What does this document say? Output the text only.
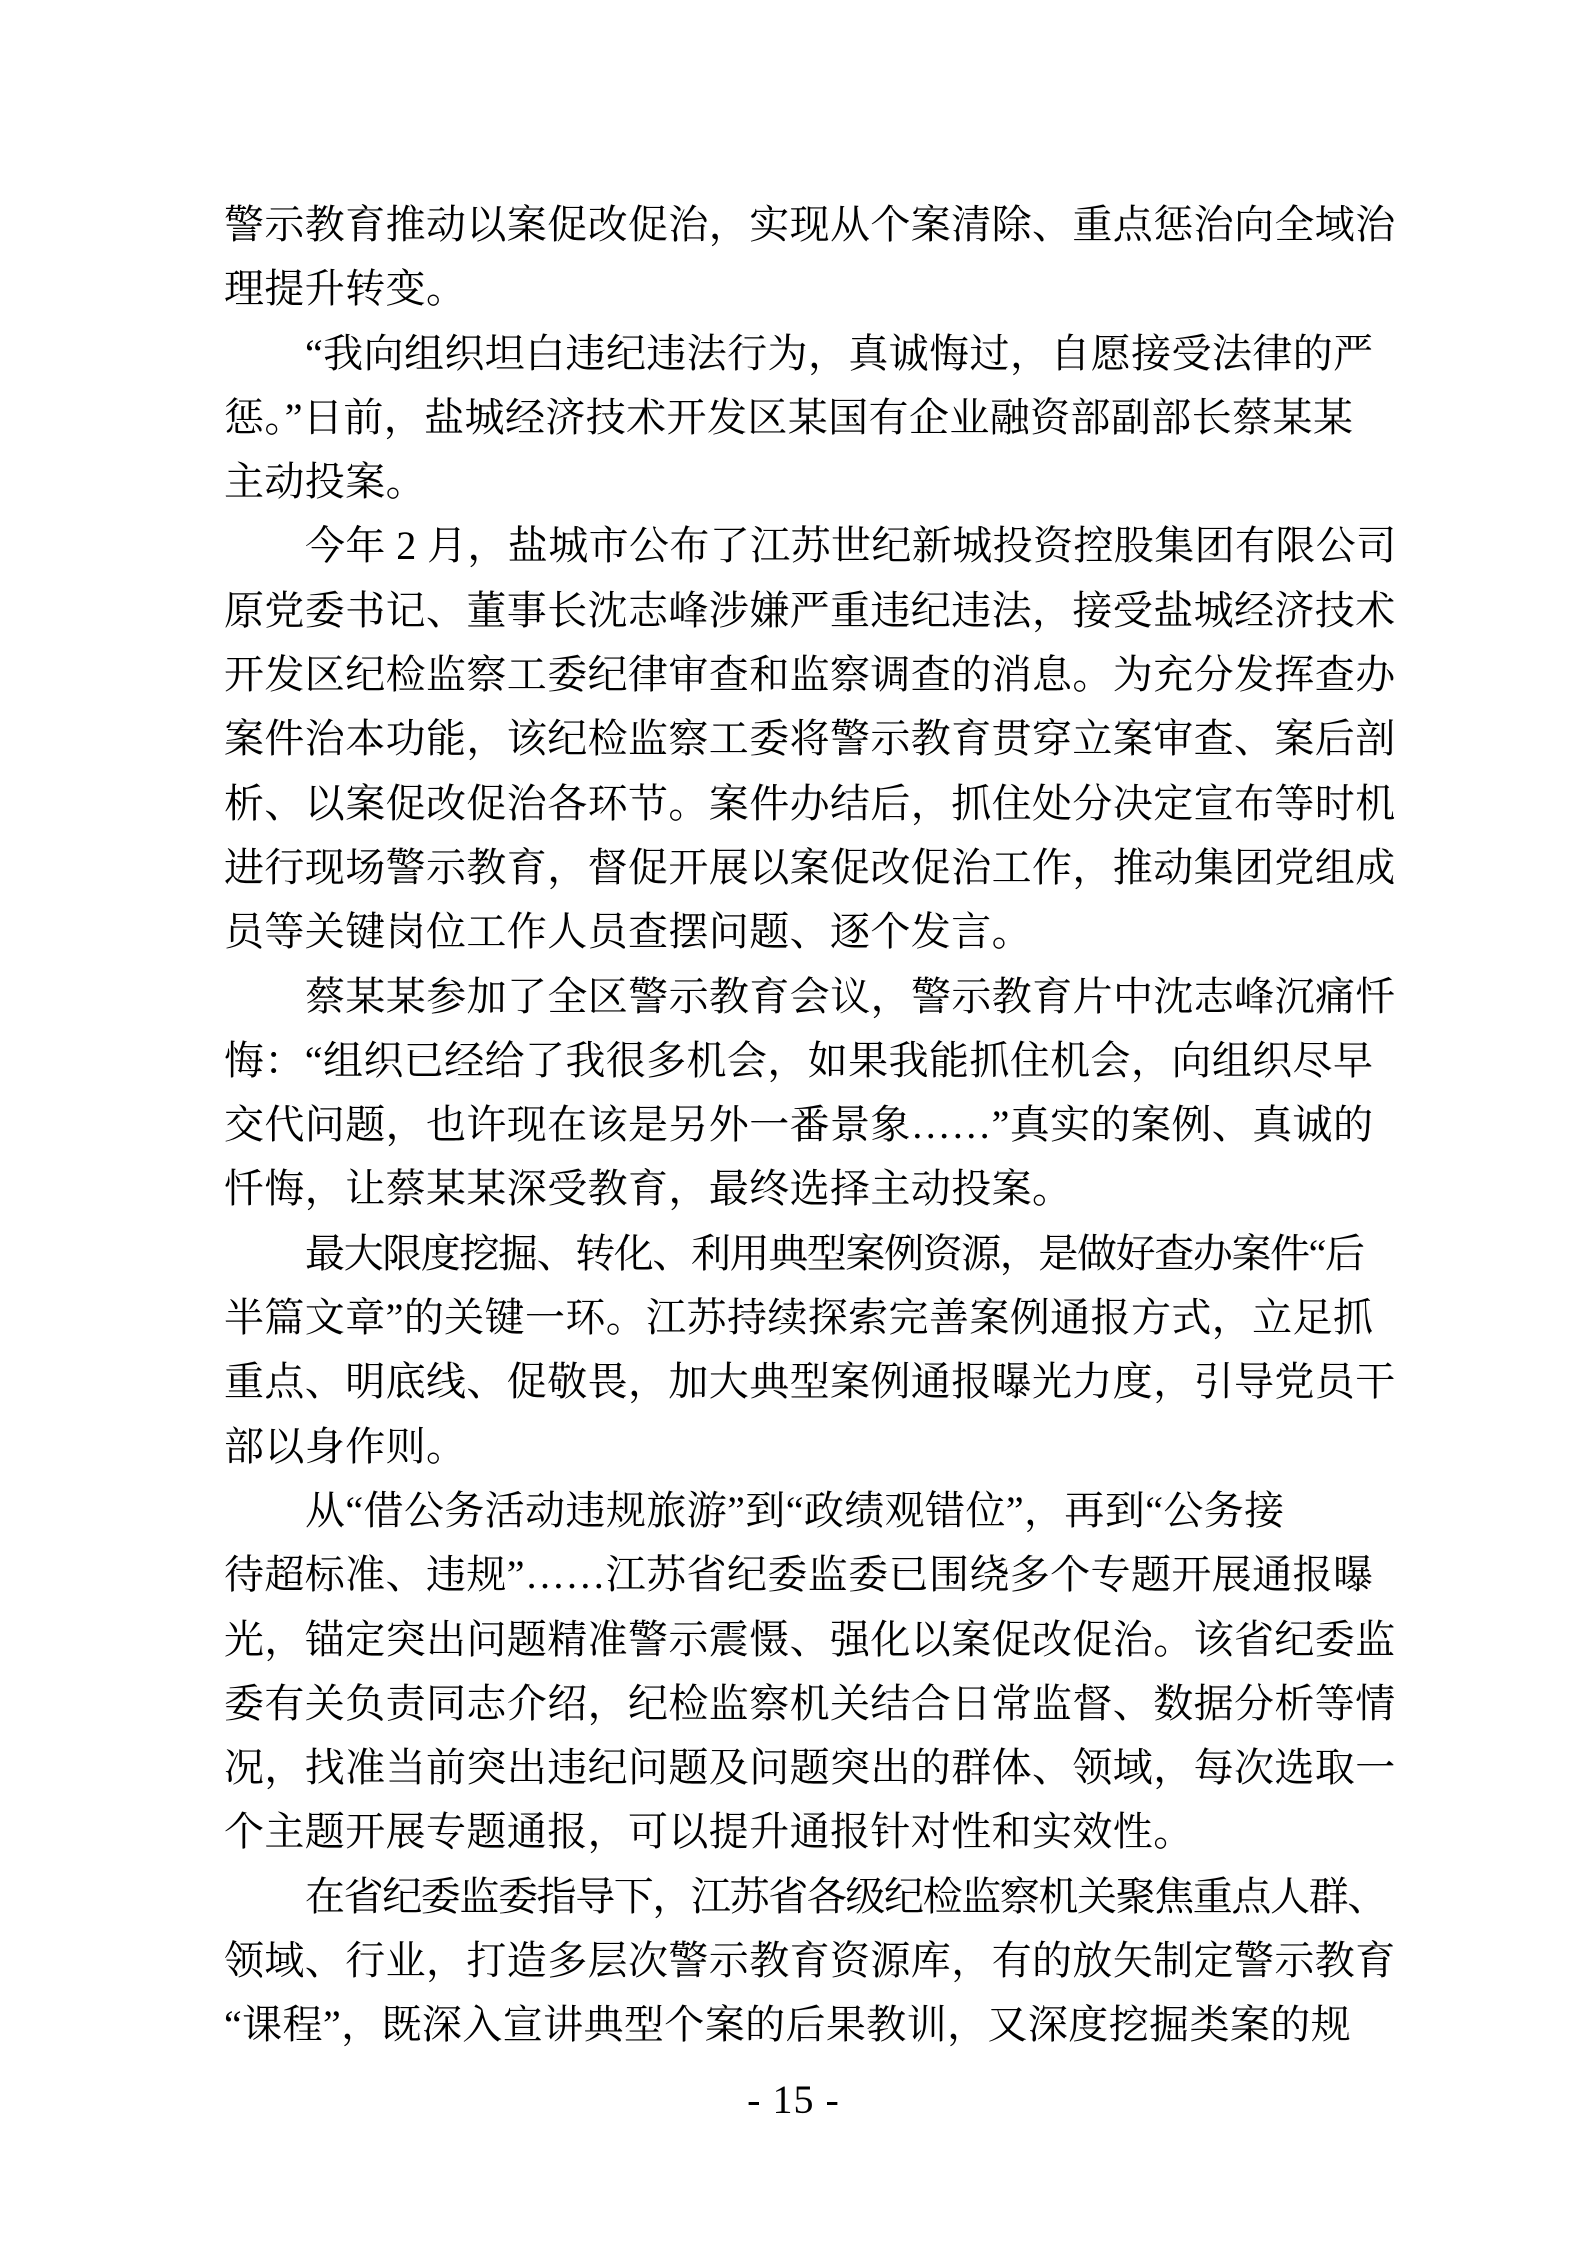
警示教育推动以案促改促治，实现从个案清除、重点惩治向全域治
理提升转变。
“我向组织坦白违纪违法行为，真诚悔过，自愿接受法律的严
惩。”日前，盐城经济技术开发区某国有企业融资部副部长蔡某某
主动投案。
今年 2 月，盐城市公布了江苏世纪新城投资控股集团有限公司
原党委书记、董事长沈志峰涉嫌严重违纪违法，接受盐城经济技术
开发区纪检监察工委纪律审查和监察调查的消息。为充分发挥查办
案件治本功能，该纪检监察工委将警示教育贯穿立案审查、案后剖
析、以案促改促治各环节。案件办结后，抓住处分决定宣布等时机
进行现场警示教育，督促开展以案促改促治工作，推动集团党组成
员等关键岗位工作人员查摆问题、逐个发言。
蔡某某参加了全区警示教育会议，警示教育片中沈志峰沉痛忏
悔：“组织已经给了我很多机会，如果我能抓住机会，向组织尽早
交代问题，也许现在该是另外一番景象……”真实的案例、真诚的
忏悔，让蔡某某深受教育，最终选择主动投案。
最大限度挖掘、转化、利用典型案例资源，是做好查办案件“后
半篇文章”的关键一环。江苏持续探索完善案例通报方式，立足抓
重点、明底线、促敬畏，加大典型案例通报曝光力度，引导党员干
部以身作则。
从“借公务活动违规旅游”到“政绩观错位”，再到“公务接
待超标准、违规”……江苏省纪委监委已围绕多个专题开展通报曝
光，锚定突出问题精准警示震慑、强化以案促改促治。该省纪委监
委有关负责同志介绍，纪检监察机关结合日常监督、数据分析等情
况，找准当前突出违纪问题及问题突出的群体、领域，每次选取一
个主题开展专题通报，可以提升通报针对性和实效性。
在省纪委监委指导下，江苏省各级纪检监察机关聚焦重点人群、
领域、行业，打造多层次警示教育资源库，有的放矢制定警示教育
“课程”，既深入宣讲典型个案的后果教训，又深度挖掘类案的规
- 15 -
